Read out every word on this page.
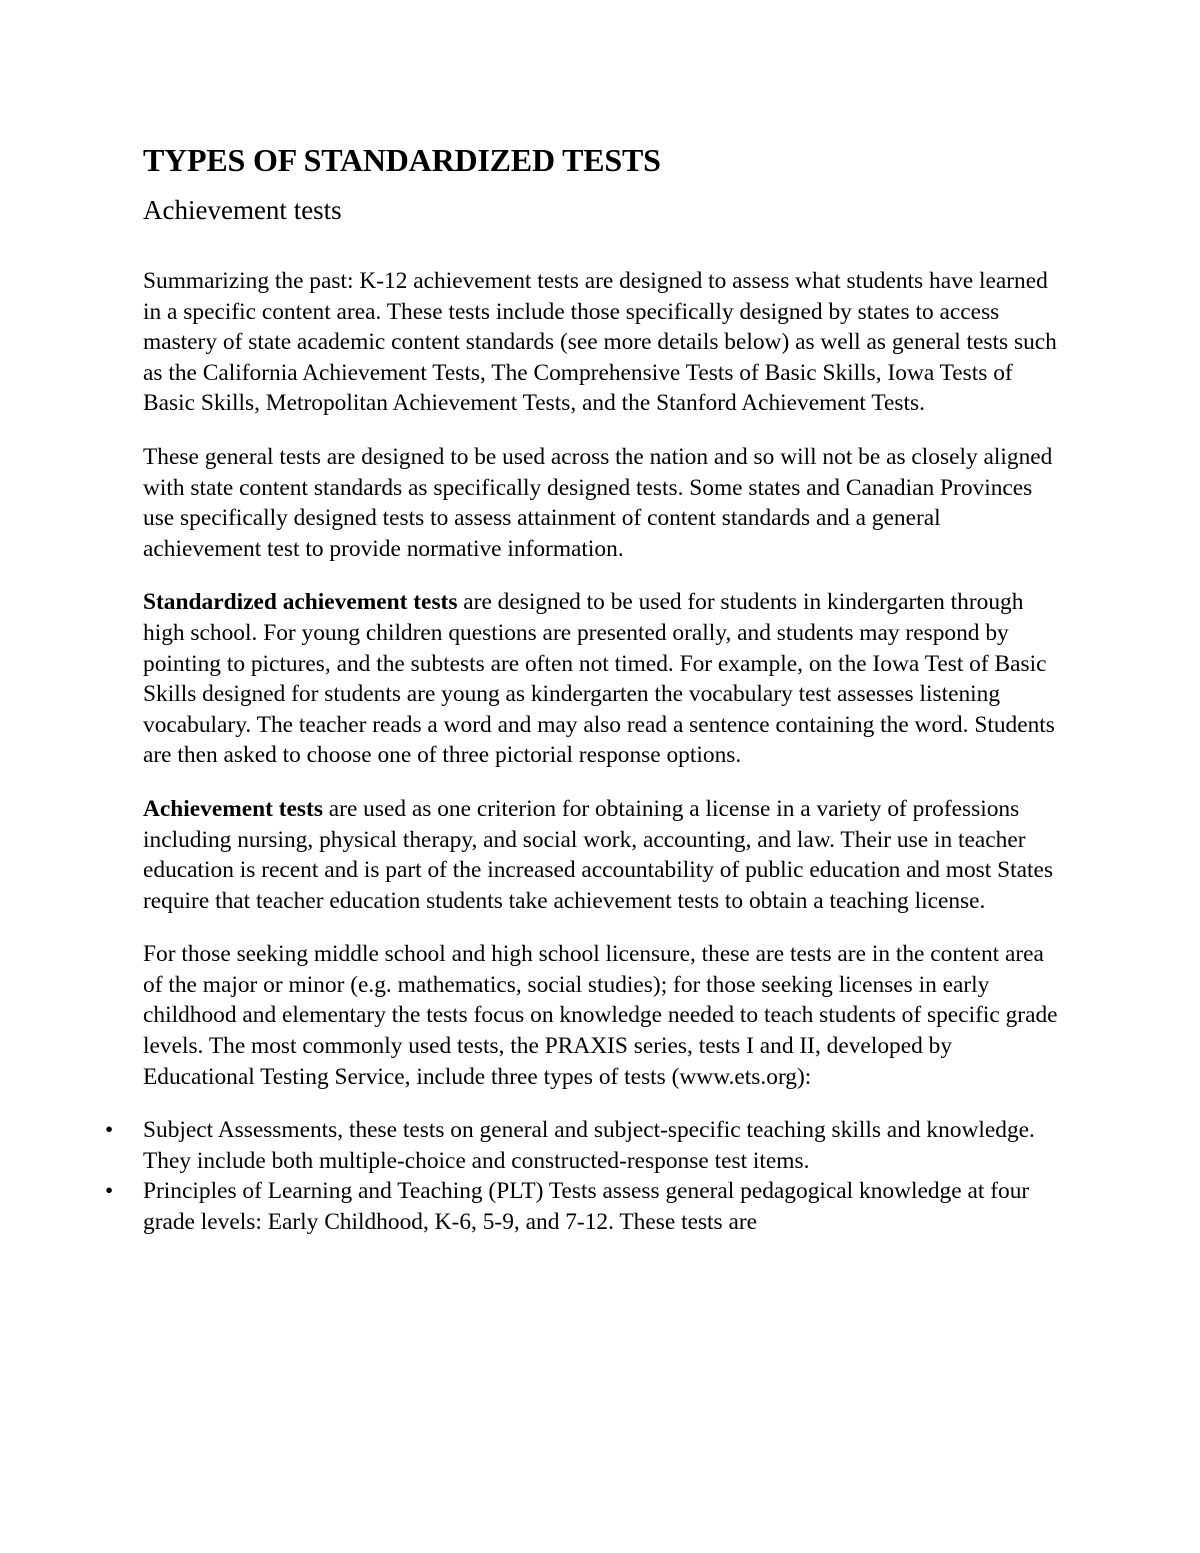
TYPES OF STANDARDIZED TESTS
Achievement tests

Summarizing the past: K-12 achievement tests are designed to assess what students have learned in a specific content area. These tests include those specifically designed by states to access mastery of state academic content standards (see more details below) as well as general tests such as the California Achievement Tests, The Comprehensive Tests of Basic Skills, Iowa Tests of Basic Skills, Metropolitan Achievement Tests, and the Stanford Achievement Tests.

These general tests are designed to be used across the nation and so will not be as closely aligned with state content standards as specifically designed tests. Some states and Canadian Provinces use specifically designed tests to assess attainment of content standards and a general achievement test to provide normative information.

Standardized achievement tests are designed to be used for students in kindergarten through high school. For young children questions are presented orally, and students may respond by pointing to pictures, and the subtests are often not timed. For example, on the Iowa Test of Basic Skills designed for students are young as kindergarten the vocabulary test assesses listening vocabulary. The teacher reads a word and may also read a sentence containing the word. Students are then asked to choose one of three pictorial response options.

Achievement tests are used as one criterion for obtaining a license in a variety of professions including nursing, physical therapy, and social work, accounting, and law. Their use in teacher education is recent and is part of the increased accountability of public education and most States require that teacher education students take achievement tests to obtain a teaching license.

For those seeking middle school and high school licensure, these are tests are in the content area of the major or minor (e.g. mathematics, social studies); for those seeking licenses in early childhood and elementary the tests focus on knowledge needed to teach students of specific grade levels. The most commonly used tests, the PRAXIS series, tests I and II, developed by Educational Testing Service, include three types of tests (www.ets.org):

• Subject Assessments, these tests on general and subject-specific teaching skills and knowledge. They include both multiple-choice and constructed-response test items.
• Principles of Learning and Teaching (PLT) Tests assess general pedagogical knowledge at four grade levels: Early Childhood, K-6, 5-9, and 7-12. These tests are
